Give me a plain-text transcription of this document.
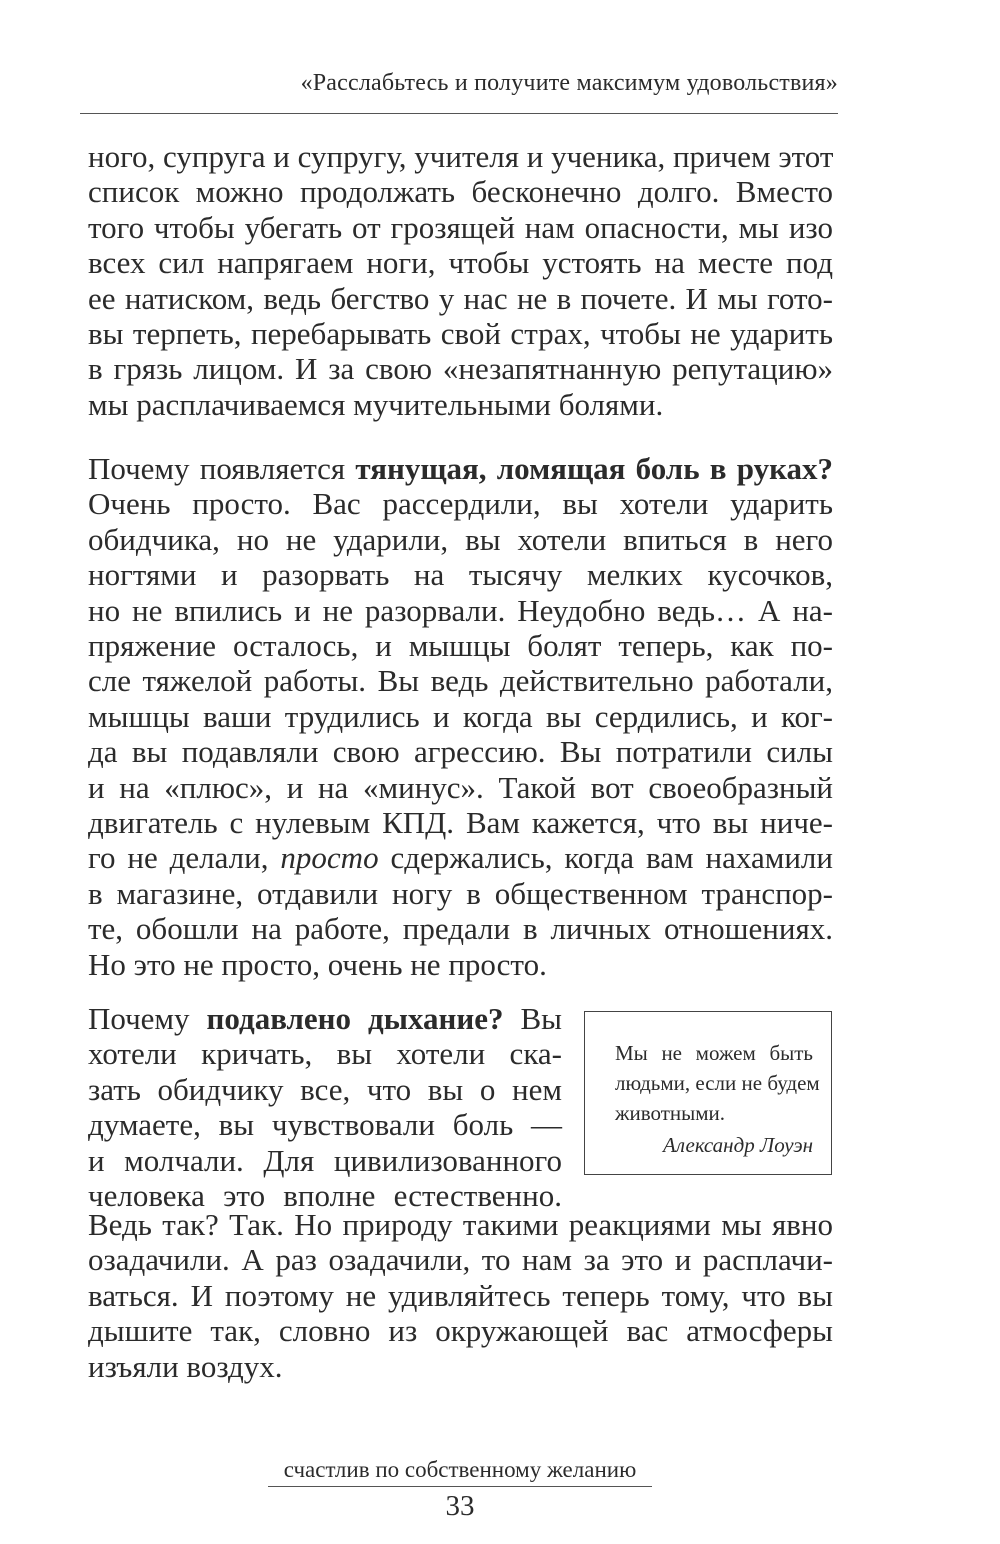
«Расслабьтесь и получите максимум удовольствия»
ного, супруга и супругу, учителя и ученика, причем этот
список можно продолжать бесконечно долго. Вместо
того чтобы убегать от грозящей нам опасности, мы изо
всех сил напрягаем ноги, чтобы устоять на месте под
ее натиском, ведь бегство у нас не в почете. И мы гото-
вы терпеть, перебарывать свой страх, чтобы не ударить
в грязь лицом. И за свою «незапятнанную репутацию»
мы расплачиваемся мучительными болями.
Почему появляется тянущая, ломящая боль в руках?
Очень просто. Вас рассердили, вы хотели ударить
обидчика, но не ударили, вы хотели впиться в него
ногтями и разорвать на тысячу мелких кусочков,
но не впились и не разорвали. Неудобно ведь… А на-
пряжение осталось, и мышцы болят теперь, как по-
сле тяжелой работы. Вы ведь действительно работали,
мышцы ваши трудились и когда вы сердились, и ког-
да вы подавляли свою агрессию. Вы потратили силы
и на «плюс», и на «минус». Такой вот своеобразный
двигатель с нулевым КПД. Вам кажется, что вы ниче-
го не делали, просто сдержались, когда вам нахамили
в магазине, отдавили ногу в общественном транспор-
те, обошли на работе, предали в личных отношениях.
Но это не просто, очень не просто.
Почему подавлено дыхание? Вы
хотели кричать, вы хотели ска-
зать обидчику все, что вы о нем
думаете, вы чувствовали боль —
и молчали. Для цивилизованного
человека это вполне естественно.
Мы не можем быть
людьми, если не будем
животными.
Александр Лоуэн
Ведь так? Так. Но природу такими реакциями мы явно
озадачили. А раз озадачили, то нам за это и расплачи-
ваться. И поэтому не удивляйтесь теперь тому, что вы
дышите так, словно из окружающей вас атмосферы
изъяли воздух.
счастлив по собственному желанию
33
